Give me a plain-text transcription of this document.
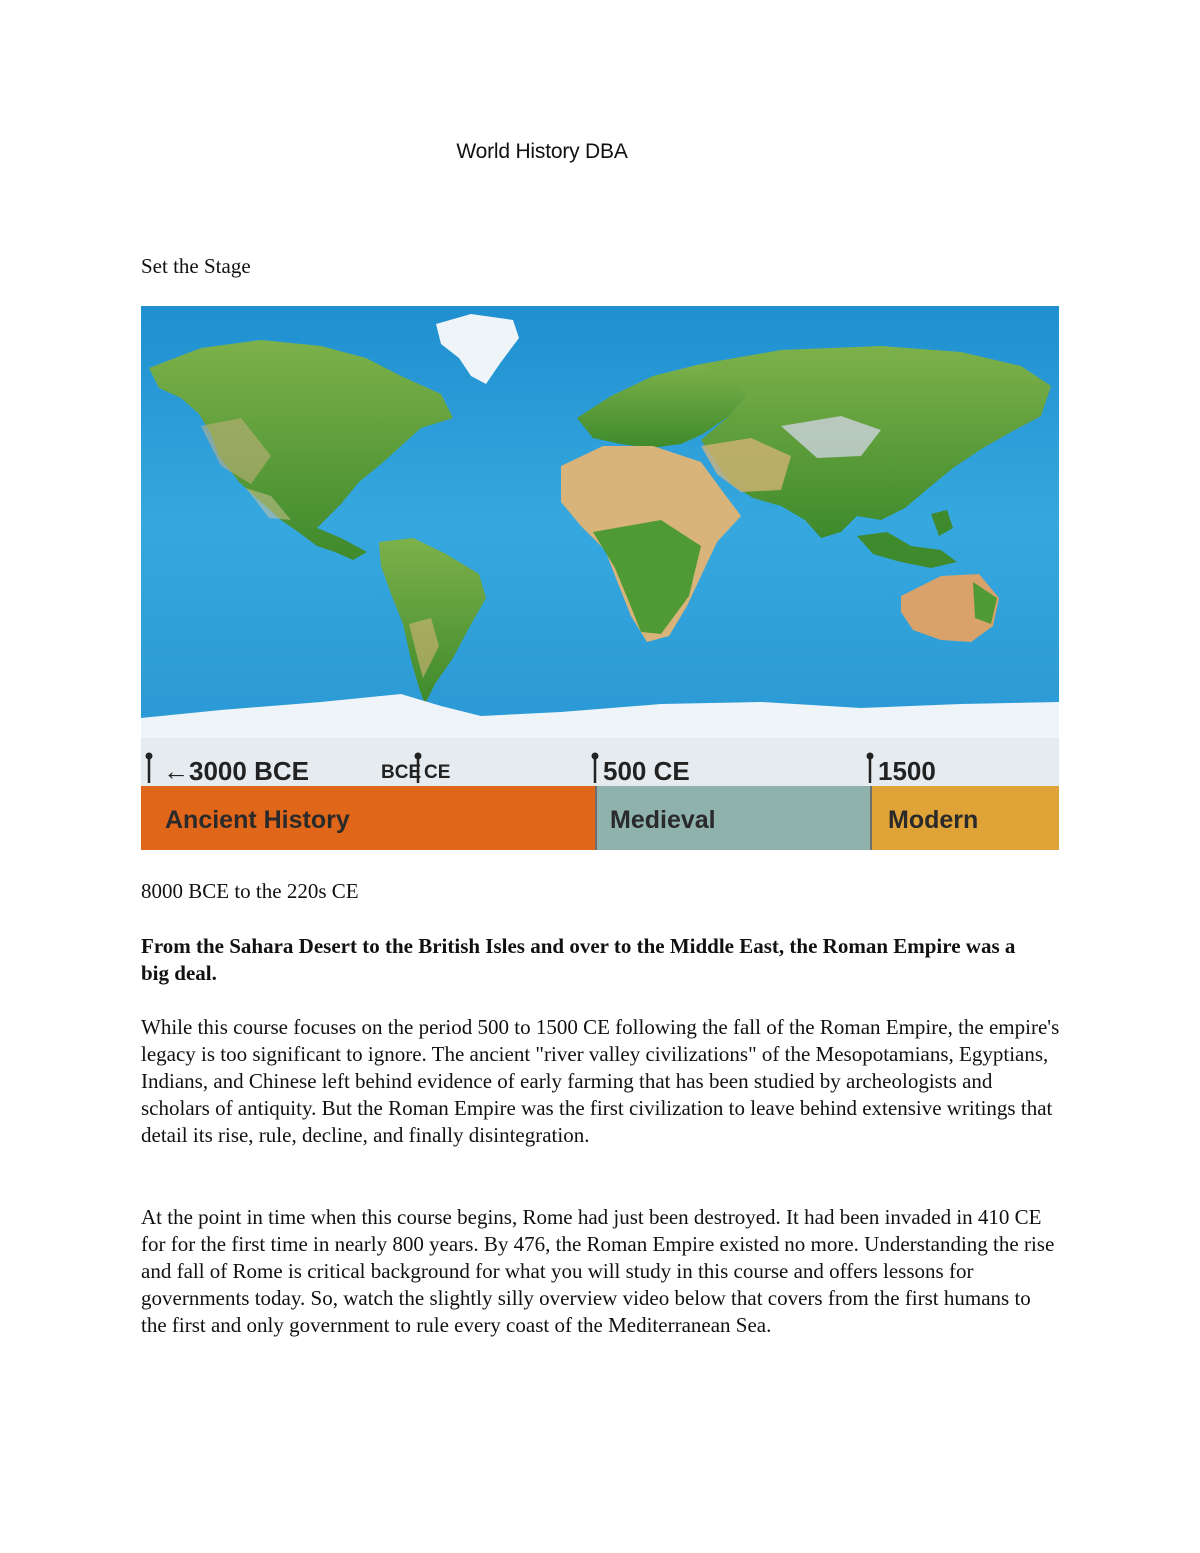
World History DBA
Set the Stage
←3000 BCE	BCE CE	500 CE	1500
Ancient History	Medieval	Modern
8000 BCE to the 220s CE
From the Sahara Desert to the British Isles and over to the Middle East, the Roman Empire was a big deal.

While this course focuses on the period 500 to 1500 CE following the fall of the Roman Empire, the empire's legacy is too significant to ignore. The ancient "river valley civilizations" of the Mesopotamians, Egyptians, Indians, and Chinese left behind evidence of early farming that has been studied by archeologists and scholars of antiquity. But the Roman Empire was the first civilization to leave behind extensive writings that detail its rise, rule, decline, and finally disintegration.

At the point in time when this course begins, Rome had just been destroyed. It had been invaded in 410 CE for for the first time in nearly 800 years. By 476, the Roman Empire existed no more. Understanding the rise and fall of Rome is critical background for what you will study in this course and offers lessons for governments today. So, watch the slightly silly overview video below that covers from the first humans to the first and only government to rule every coast of the Mediterranean Sea.
